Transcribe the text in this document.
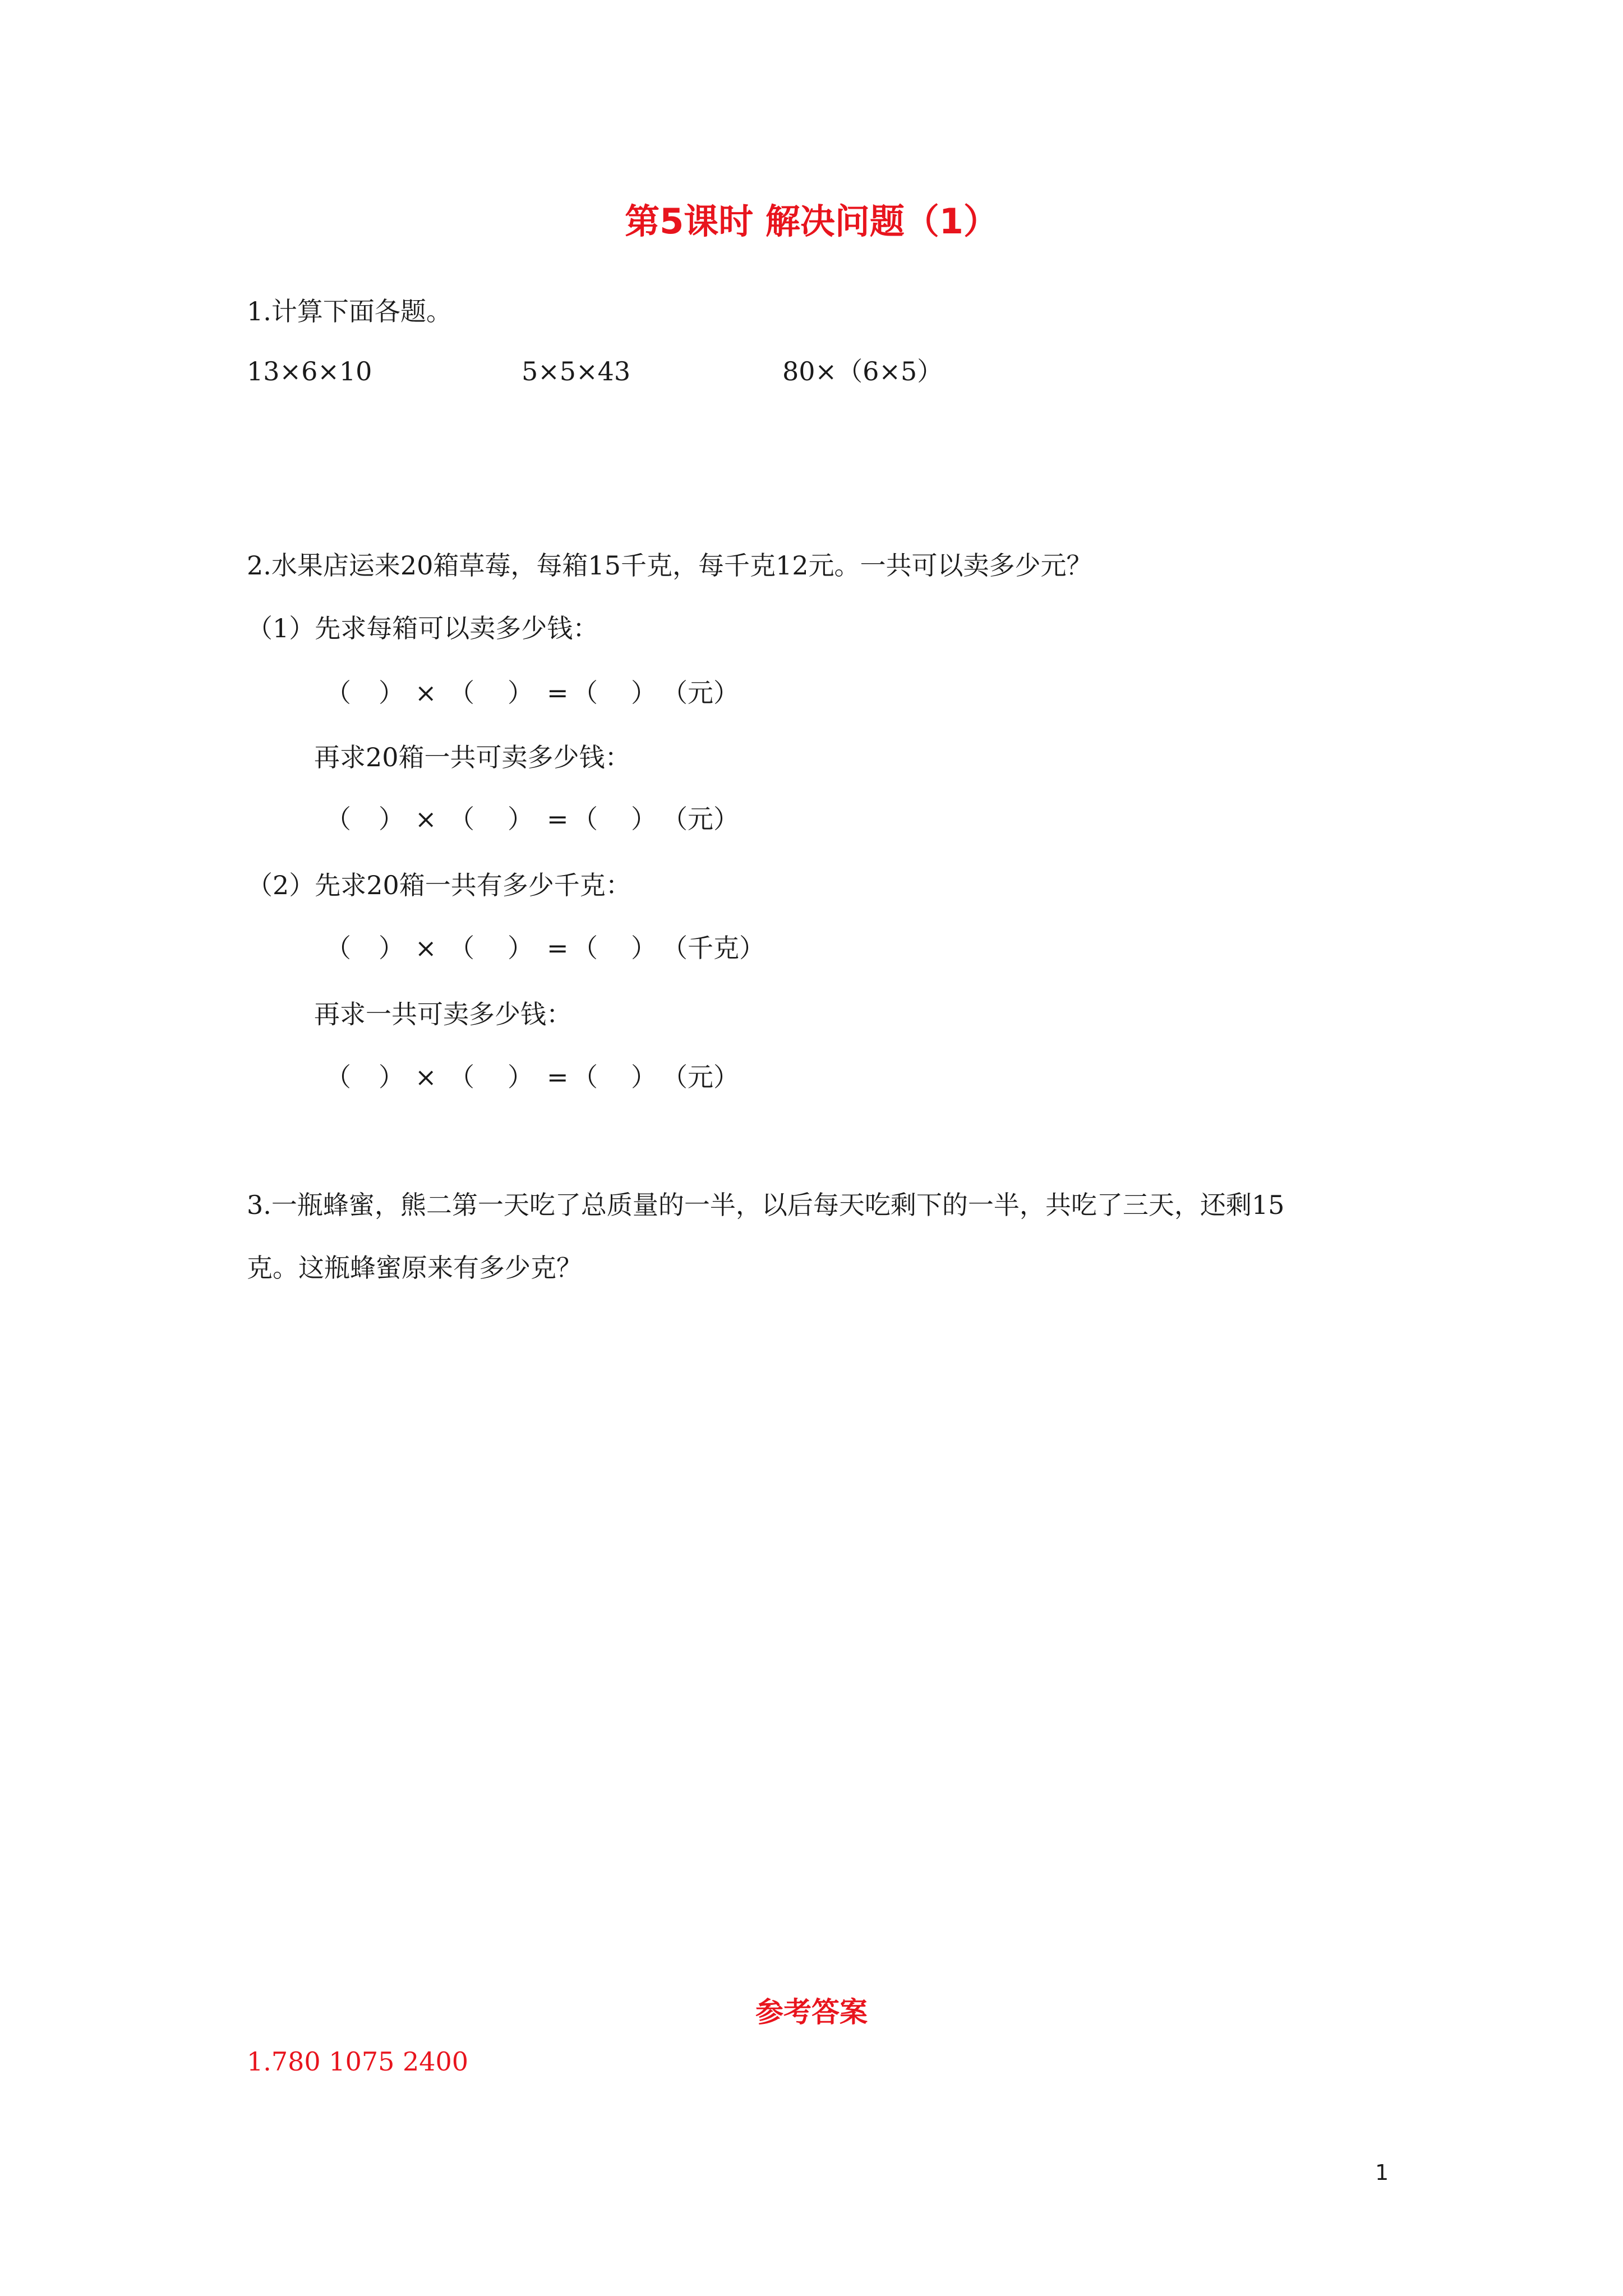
第5课时 解决问题（1）
1.计算下面各题。
13×6×10	5×5×43	80×（6×5）
2.水果店运来20箱草莓，每箱15千克，每千克12元。一共可以卖多少元？
（1）先求每箱可以卖多少钱：
（ ） × （ ） = （ ） （元）
再求20箱一共可卖多少钱：
（ ） × （ ） = （ ） （元）
（2）先求20箱一共有多少千克：
（ ） × （ ） = （ ） （千克）
再求一共可卖多少钱：
（ ） × （ ） = （ ） （元）
3.一瓶蜂蜜，熊二第一天吃了总质量的一半，以后每天吃剩下的一半，共吃了三天，还剩15
克。这瓶蜂蜜原来有多少克？
参考答案
1.780 1075 2400
1
